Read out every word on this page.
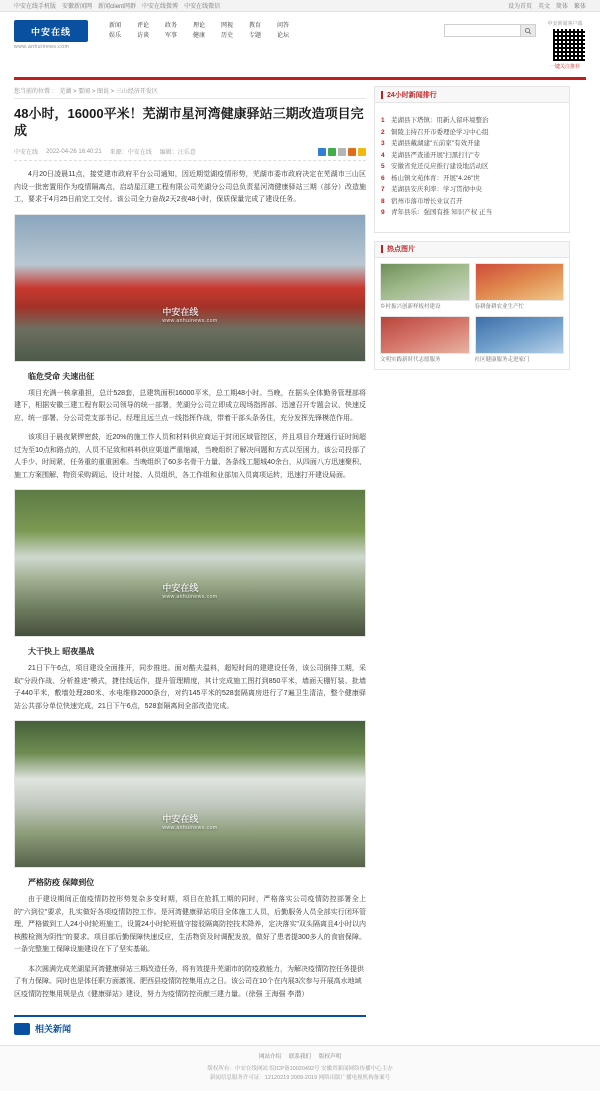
中安在线手机版 安徽新闻网 新闻client网群 中安在线微博 中安在线微信	设为首页 英文 简体 繁体
中安在线
www.anhuinews.com
新闻	评论	政务	理论	网视	教育	问答
娱乐	访谈	军事	健康	历史	专题	论坛
中安新闻客户端
一键关注推荐
您当前的位置 ： 芜湖 > 要闻 > 图说 > 三山经济开发区
48小时，16000平米！芜湖市星河湾健康驿站三期改造项目完成
中安在线 2022-04-26 16:40:21 来源：中安在线 编辑：汪乐意

4月20日凌晨11点，接党建市政府平台公司通知，因近期觉湖疫情形势，芜湖市委市政府决定在芜湖市三山区内设一批密置用作为疫情隔离点，启动星江建工程有限公司芜湖分公司总负责星河湾健康驿站三期（部分）改造施工，要求于4月25日前完工交付。该公司全力奋战2天2夜48小时，保质保量完成了建设任务。

中安在线
www.anhuinews.com
临危受命 夫速出征

项目充满一核拿重担，总计528套，总建筑面积16000平米，总工期48小时。当晚，在据头全体勤务管理部将建下，相据安徽三建工程有限公司领导的统一部署，芜湖分公司立即成立现场指挥部、迅速召开专题会议、快速反应、统一部署、分公司党支部书记、经理且远兰点一线指挥作战，带着干部头条务住，充分发挥先锋模范作用。

该项目于晨夜紧锣密鼓，近20%的施工作人员和材料供应商运于封闭区域管控区，并且项目介理通行证时间超过为至10点和路点的，人员不足致和料料供应渠道严重缩减，当晚组织了解决问题和方式以至困力，该公司投部了人手少、时间紧，任务重的重重困难。当晚组织了60多名骨干力量、各条线工题城40余台，从四面八方迅速聚积、施工方案围解、物资采购调运、设计对接、人员组织，各工作组和业部加入员离项运转，迅速打开建设局面。

中安在线
www.anhuinews.com
大干快上 昭夜墨战

21日下午6点，项目建设全面推开，同步推进。面对酷夫温料，超短时间的建建设任务，该公司倒排工期，采取"分段作战、分析推进"模式，捷佳线运作，提升管理精度，其计完成施工图打到850平米，墙面天棚钉装、批墙子440平米，敷墙处理280米、水电维修2000条台，对约145平米的528套隔离房进行了7遍卫生清洁，整个健康驿站公共部分单位快速完成，21日下午6点，528套隔离间全部改造完成。

中安在线
www.anhuinews.com
严格防疫 保障到位

由于建设期间正值疫情防控形势复杂多变时期，项目在抢抓工期的同时，严格落实公司疫情防控部署全上的"六到位"要求，扎实做好各项疫情防控工作。是河湾健康驿站项目全体施工人员，后勤服务人员全部实行闭环管理，严格做到工人24小时轮班施工，设置24小时轮班值守接驳隔离防控技术降养，定决落实"双头隔离且4小时以内核酸检测为阴性"的要求。项目部后勤保障快速反应，生活物资及时调配发放，做好了患者提300多人的食宿保障。一条完整施工保障设施建设在下了坚实基础。

本次圆满完成芜湖星河湾健康驿站三期改造任务，将有效提升芜湖市的防疫救能力，为解决疫情防控任务提供了有力保障。同时也是体任职方面激视、肥西县疫情防控集用点之日。该公司在10个在内展3次参与开展高水地域区疫情防控集用规是点《健康驿站》建设，努力为疫情防控贡献三建力量。（徐强 王海强 李潜）

相关新闻
24小时新闻排行
1 芜湖县下塔镇：用新人留环境整治
2 铜陵主持召开市委理论学习中心组
3 芜湖县戴湖建"五前家"有效开建
4 芜湖县严查通开展"扫黑打行"专
5 安徽省党还反应推行建设地活动区
6 杨山镇文苑体育：开展"4.26"世
7 芜湖县安庆利率：学习贯彻中央
8 宿州市落市增长业议召开
9 青年县乐：强国有推 知识产权 正当
热点图片
乡村振兴创新样板村建设	春耕备耕农业生产忙
文明实践新时代志愿服务	社区健康服务走进家门
网站介绍 联系我们 版权声明
版权所有：中安在线网站 皖ICP备10020492号 安徽省新闻网络传播中心主办
新闻信息服务许可证：12120219 2009-2019 网络出版广播电视机构备案号
